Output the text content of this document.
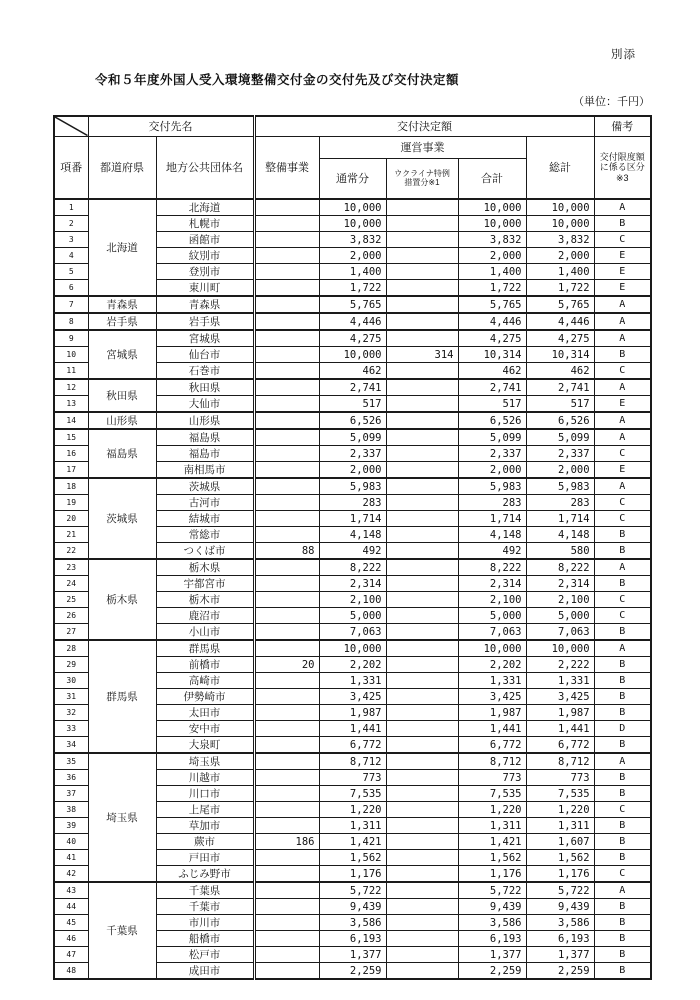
別添
令和５年度外国人受入環境整備交付金の交付先及び交付決定額
（単位：千円）
	交付先名		交付決定額					備考
項番	都道府県	地方公共団体名	整備事業	運営事業			総計	交付限度額
に係る区分
※3

				通常分	ウクライナ特例
措置分※1	合計		
1	北海道	北海道		10,000		10,000	10,000	A
2		札幌市		10,000		10,000	10,000	B
3		函館市		3,832		3,832	3,832	C
4		紋別市		2,000		2,000	2,000	E
5		登別市		1,400		1,400	1,400	E
6		東川町		1,722		1,722	1,722	E
7	青森県	青森県		5,765		5,765	5,765	A
8	岩手県	岩手県		4,446		4,446	4,446	A
9	宮城県	宮城県		4,275		4,275	4,275	A
10		仙台市		10,000	314	10,314	10,314	B
11		石巻市		462		462	462	C
12	秋田県	秋田県		2,741		2,741	2,741	A
13		大仙市		517		517	517	E
14	山形県	山形県		6,526		6,526	6,526	A
15	福島県	福島県		5,099		5,099	5,099	A
16		福島市		2,337		2,337	2,337	C
17		南相馬市		2,000		2,000	2,000	E
18	茨城県	茨城県		5,983		5,983	5,983	A
19		古河市		283		283	283	C
20		結城市		1,714		1,714	1,714	C
21		常総市		4,148		4,148	4,148	B
22		つくば市	88	492		492	580	B
23	栃木県	栃木県		8,222		8,222	8,222	A
24		宇都宮市		2,314		2,314	2,314	B
25		栃木市		2,100		2,100	2,100	C
26		鹿沼市		5,000		5,000	5,000	C
27		小山市		7,063		7,063	7,063	B
28	群馬県	群馬県		10,000		10,000	10,000	A
29		前橋市	20	2,202		2,202	2,222	B
30		高崎市		1,331		1,331	1,331	B
31		伊勢崎市		3,425		3,425	3,425	B
32		太田市		1,987		1,987	1,987	B
33		安中市		1,441		1,441	1,441	D
34		大泉町		6,772		6,772	6,772	B
35	埼玉県	埼玉県		8,712		8,712	8,712	A
36		川越市		773		773	773	B
37		川口市		7,535		7,535	7,535	B
38		上尾市		1,220		1,220	1,220	C
39		草加市		1,311		1,311	1,311	B
40		蕨市	186	1,421		1,421	1,607	B
41		戸田市		1,562		1,562	1,562	B
42		ふじみ野市		1,176		1,176	1,176	C
43	千葉県	千葉県		5,722		5,722	5,722	A
44		千葉市		9,439		9,439	9,439	B
45		市川市		3,586		3,586	3,586	B
46		船橋市		6,193		6,193	6,193	B
47		松戸市		1,377		1,377	1,377	B
48		成田市		2,259		2,259	2,259	B
